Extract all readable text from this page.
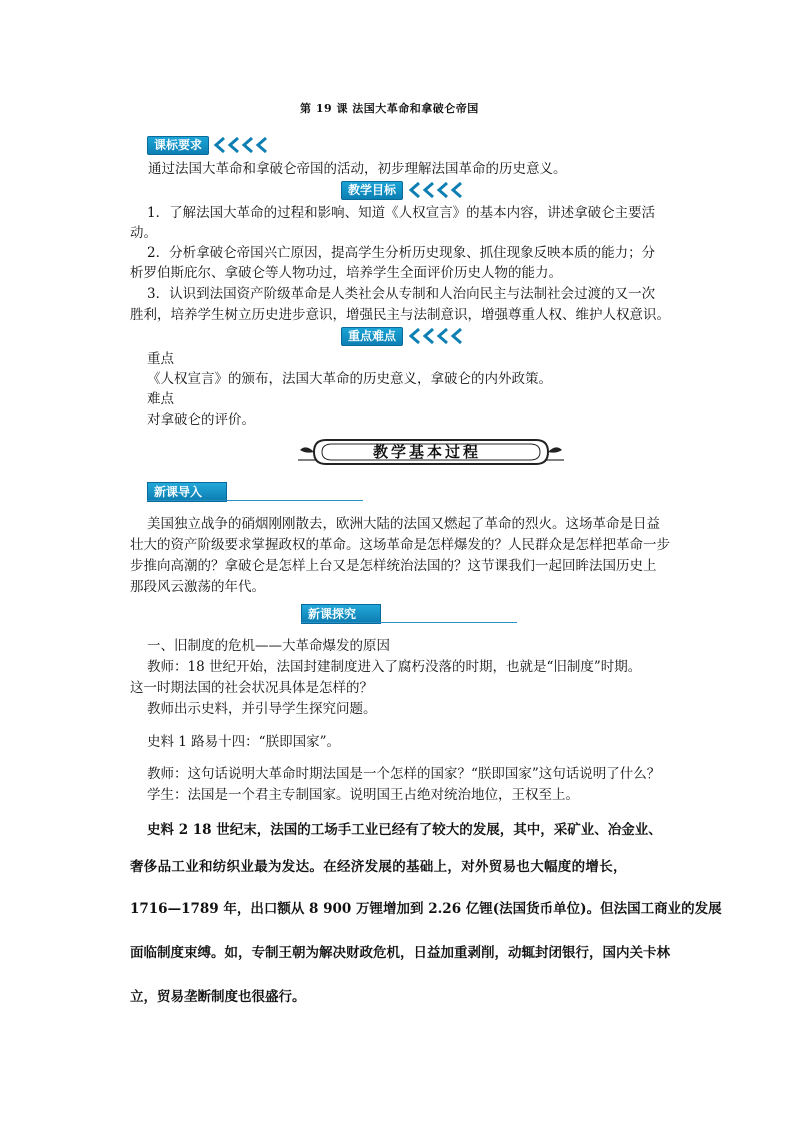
第 19 课 法国大革命和拿破仑帝国
课标要求
通过法国大革命和拿破仑帝国的活动，初步理解法国革命的历史意义。
教学目标
1．了解法国大革命的过程和影响、知道《人权宣言》的基本内容，讲述拿破仑主要活
动。
2．分析拿破仑帝国兴亡原因，提高学生分析历史现象、抓住现象反映本质的能力；分
析罗伯斯庇尔、拿破仑等人物功过，培养学生全面评价历史人物的能力。
3．认识到法国资产阶级革命是人类社会从专制和人治向民主与法制社会过渡的又一次
胜利，培养学生树立历史进步意识，增强民主与法制意识，增强尊重人权、维护人权意识。
重点难点
重点
《人权宣言》的颁布，法国大革命的历史意义，拿破仑的内外政策。
难点
对拿破仑的评价。
教学基本过程
新课导入
美国独立战争的硝烟刚刚散去，欧洲大陆的法国又燃起了革命的烈火。这场革命是日益
壮大的资产阶级要求掌握政权的革命。这场革命是怎样爆发的？人民群众是怎样把革命一步
步推向高潮的？拿破仑是怎样上台又是怎样统治法国的？这节课我们一起回眸法国历史上
那段风云激荡的年代。
新课探究
一、旧制度的危机——大革命爆发的原因
教师：18 世纪开始，法国封建制度进入了腐朽没落的时期，也就是“旧制度”时期。
这一时期法国的社会状况具体是怎样的？
教师出示史料，并引导学生探究问题。
史料 1 路易十四：“朕即国家”。
教师：这句话说明大革命时期法国是一个怎样的国家？“朕即国家”这句话说明了什么？
学生：法国是一个君主专制国家。说明国王占绝对统治地位，王权至上。
史料 2 18 世纪末，法国的工场手工业已经有了较大的发展，其中，采矿业、冶金业、
奢侈品工业和纺织业最为发达。在经济发展的基础上，对外贸易也大幅度的增长，
1716—1789 年，出口额从 8 900 万锂增加到 2.26 亿锂(法国货币单位)。但法国工商业的发展
面临制度束缚。如，专制王朝为解决财政危机，日益加重剥削，动辄封闭银行，国内关卡林
立，贸易垄断制度也很盛行。
